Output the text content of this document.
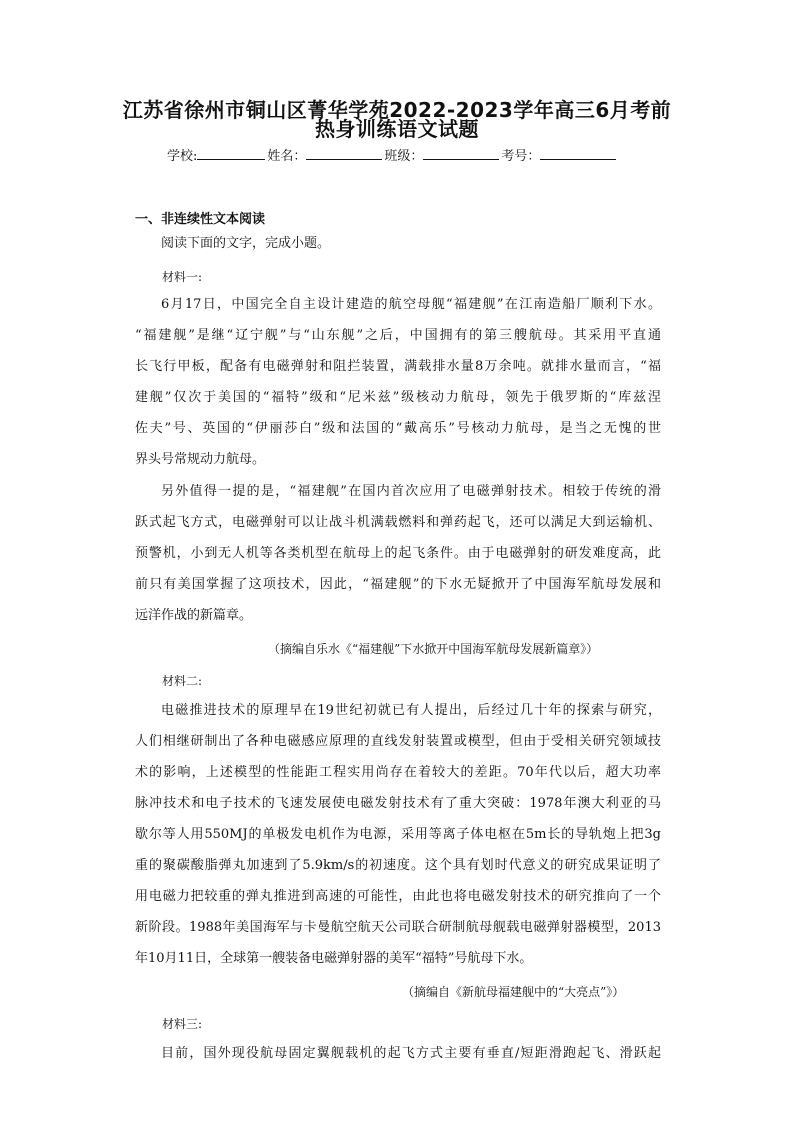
江苏省徐州市铜山区菁华学苑2022-2023学年高三6月考前
热身训练语文试题
学校:	姓名：	班级：	考号：
一、非连续性文本阅读
阅读下面的文字，完成小题。
材料一:
6月17日，中国完全自主设计建造的航空母舰“福建舰”在江南造船厂顺利下水。
“福建舰”是继“辽宁舰”与“山东舰”之后，中国拥有的第三艘航母。其采用平直通
长飞行甲板，配备有电磁弹射和阻拦装置，满载排水量8万余吨。就排水量而言，“福
建舰”仅次于美国的“福特”级和“尼米兹”级核动力航母，领先于俄罗斯的“库兹涅
佐夫”号、英国的“伊丽莎白”级和法国的“戴高乐”号核动力航母，是当之无愧的世
界头号常规动力航母。
另外值得一提的是，“福建舰”在国内首次应用了电磁弹射技术。相较于传统的滑
跃式起飞方式，电磁弹射可以让战斗机满载燃料和弹药起飞，还可以满足大到运输机、
预警机，小到无人机等各类机型在航母上的起飞条件。由于电磁弹射的研发难度高，此
前只有美国掌握了这项技术，因此，“福建舰”的下水无疑掀开了中国海军航母发展和
远洋作战的新篇章。
（摘编自乐水《“福建舰”下水掀开中国海军航母发展新篇章》）
材料二:
电磁推进技术的原理早在19世纪初就已有人提出，后经过几十年的探索与研究，
人们相继研制出了各种电磁感应原理的直线发射装置或模型，但由于受相关研究领域技
术的影响，上述模型的性能距工程实用尚存在着较大的差距。70年代以后，超大功率
脉冲技术和电子技术的飞速发展使电磁发射技术有了重大突破：1978年澳大利亚的马
歇尔等人用550MJ的单极发电机作为电源，采用等离子体电枢在5m长的导轨炮上把3g
重的聚碳酸脂弹丸加速到了5.9km/s的初速度。这个具有划时代意义的研究成果证明了
用电磁力把较重的弹丸推进到高速的可能性，由此也将电磁发射技术的研究推向了一个
新阶段。1988年美国海军与卡曼航空航天公司联合研制航母舰载电磁弹射器模型，2013
年10月11日，全球第一艘装备电磁弹射器的美军“福特”号航母下水。
（摘编自《新航母福建舰中的“大亮点”》）
材料三:
目前，国外现役航母固定翼舰载机的起飞方式主要有垂直/短距滑跑起飞、滑跃起
